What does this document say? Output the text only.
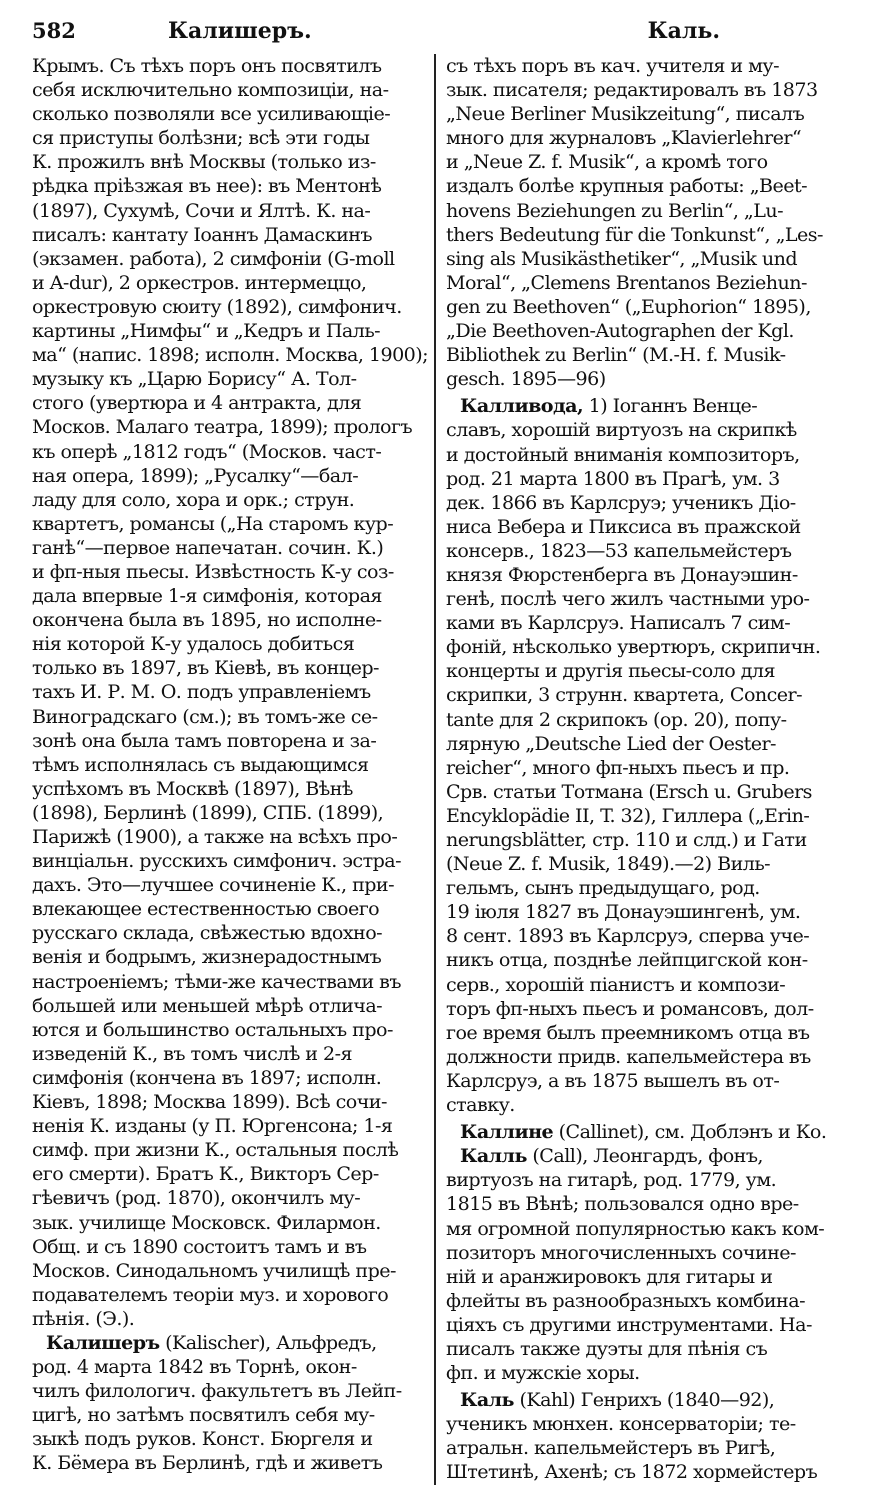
582	Калишеръ.	Каль.
Крымъ. Съ тѣхъ поръ онъ посвятилъ
себя исключительно композиціи, на-
сколько позволяли все усиливающіе-
ся приступы болѣзни; всѣ эти годы
К. прожилъ внѣ Москвы (только из-
рѣдка пріѣзжая въ нее): въ Ментонѣ
(1897), Сухумѣ, Сочи и Ялтѣ. К. на-
писалъ: кантату Іоаннъ Дамаскинъ
(экзамен. работа), 2 симфоніи (G-moll
и A-dur), 2 оркестров. интермеццо,
оркестровую сюиту (1892), симфонич.
картины „Нимфы“ и „Кедръ и Паль-
ма“ (напис. 1898; исполн. Москва, 1900);
музыку къ „Царю Борису“ А. Тол-
стого (увертюра и 4 антракта, для
Москов. Малаго театра, 1899); прологъ
къ оперѣ „1812 годъ“ (Москов. част-
ная опера, 1899); „Русалку“—бал-
ладу для соло, хора и орк.; струн.
квартетъ, романсы („На старомъ кур-
ганѣ“—первое напечатан. сочин. К.)
и фп-ныя пьесы. Извѣстность К-у соз-
дала впервые 1-я симфонія, которая
окончена была въ 1895, но исполне-
нія которой К-у удалось добиться
только въ 1897, въ Кіевѣ, въ концер-
тахъ И. Р. М. О. подъ управленіемъ
Виноградскаго (см.); въ томъ-же се-
зонѣ она была тамъ повторена и за-
тѣмъ исполнялась съ выдающимся
успѣхомъ въ Москвѣ (1897), Вѣнѣ
(1898), Берлинѣ (1899), СПБ. (1899),
Парижѣ (1900), а также на всѣхъ про-
винціальн. русскихъ симфонич. эстра-
дахъ. Это—лучшее сочиненіе К., при-
влекающее естественностью своего
русскаго склада, свѣжестью вдохно-
венія и бодрымъ, жизнерадостнымъ
настроеніемъ; тѣми-же качествами въ
большей или меньшей мѣрѣ отлича-
ются и большинство остальныхъ про-
изведеній К., въ томъ числѣ и 2-я
симфонія (кончена въ 1897; исполн.
Кіевъ, 1898; Москва 1899). Всѣ сочи-
ненія К. изданы (у П. Юргенсона; 1-я
симф. при жизни К., остальныя послѣ
его смерти). Братъ К., Викторъ Сер-
гѣевичъ (род. 1870), окончилъ му-
зык. училище Московск. Филармон.
Общ. и съ 1890 состоитъ тамъ и въ
Москов. Синодальномъ училищѣ пре-
подавателемъ теоріи муз. и хорового
пѣнія. (Э.).
Калишеръ (Kalischer), Альфредъ,
род. 4 марта 1842 въ Торнѣ, окон-
чилъ филологич. факультетъ въ Лейп-
цигѣ, но затѣмъ посвятилъ себя му-
зыкѣ подъ руков. Конст. Бюргеля и
К. Бёмера въ Берлинѣ, гдѣ и живетъ
съ тѣхъ поръ въ кач. учителя и му-
зык. писателя; редактировалъ въ 1873
„Neue Berliner Musikzeitung“, писалъ
много для журналовъ „Klavierlehrer“
и „Neue Z. f. Musik“, а кромѣ того
издалъ болѣе крупныя работы: „Beet-
hovens Beziehungen zu Berlin“, „Lu-
thers Bedeutung für die Tonkunst“, „Les-
sing als Musikästhetiker“, „Musik und
Moral“, „Clemens Brentanos Beziehun-
gen zu Beethoven“ („Euphorion“ 1895),
„Die Beethoven-Autographen der Kgl.
Bibliothek zu Berlin“ (M.-H. f. Musik-
gesch. 1895—96)
Калливода, 1) Іоганнъ Венце-
славъ, хорошій виртуозъ на скрипкѣ
и достойный вниманія композиторъ,
род. 21 марта 1800 въ Прагѣ, ум. 3
дек. 1866 въ Карлсруэ; ученикъ Діо-
ниса Вебера и Пиксиса въ пражской
консерв., 1823—53 капельмейстеръ
князя Фюрстенберга въ Донауэшин-
генѣ, послѣ чего жилъ частными уро-
ками въ Карлсруэ. Написалъ 7 сим-
фоній, нѣсколько увертюръ, скрипичн.
концерты и другія пьесы-соло для
скрипки, 3 струнн. квартета, Concer-
tante для 2 скрипокъ (op. 20), попу-
лярную „Deutsche Lied der Oester-
reicher“, много фп-ныхъ пьесъ и пр.
Срв. статьи Тотмана (Ersch u. Grubers
Encyklopädie II, T. 32), Гиллера („Erin-
nerungsblätter, стр. 110 и слд.) и Гати
(Neue Z. f. Musik, 1849).—2) Виль-
гельмъ, сынъ предыдущаго, род.
19 іюля 1827 въ Донауэшингенѣ, ум.
8 сент. 1893 въ Карлсруэ, сперва уче-
никъ отца, позднѣе лейпцигской кон-
серв., хорошій піанистъ и компози-
торъ фп-ныхъ пьесъ и романсовъ, дол-
гое время былъ преемникомъ отца въ
должности придв. капельмейстера въ
Карлсруэ, а въ 1875 вышелъ въ от-
ставку.
Каллине (Callinet), см. Доблэнъ и Ко.
Калль (Call), Леонгардъ, фонъ,
виртуозъ на гитарѣ, род. 1779, ум.
1815 въ Вѣнѣ; пользовался одно вре-
мя огромной популярностью какъ ком-
позиторъ многочисленныхъ сочине-
ній и аранжировокъ для гитары и
флейты въ разнообразныхъ комбина-
ціяхъ съ другими инструментами. На-
писалъ также дуэты для пѣнія съ
фп. и мужскіе хоры.
Каль (Kahl) Генрихъ (1840—92),
ученикъ мюнхен. консерваторіи; те-
атральн. капельмейстеръ въ Ригѣ,
Штетинѣ, Ахенѣ; съ 1872 хормейстеръ
